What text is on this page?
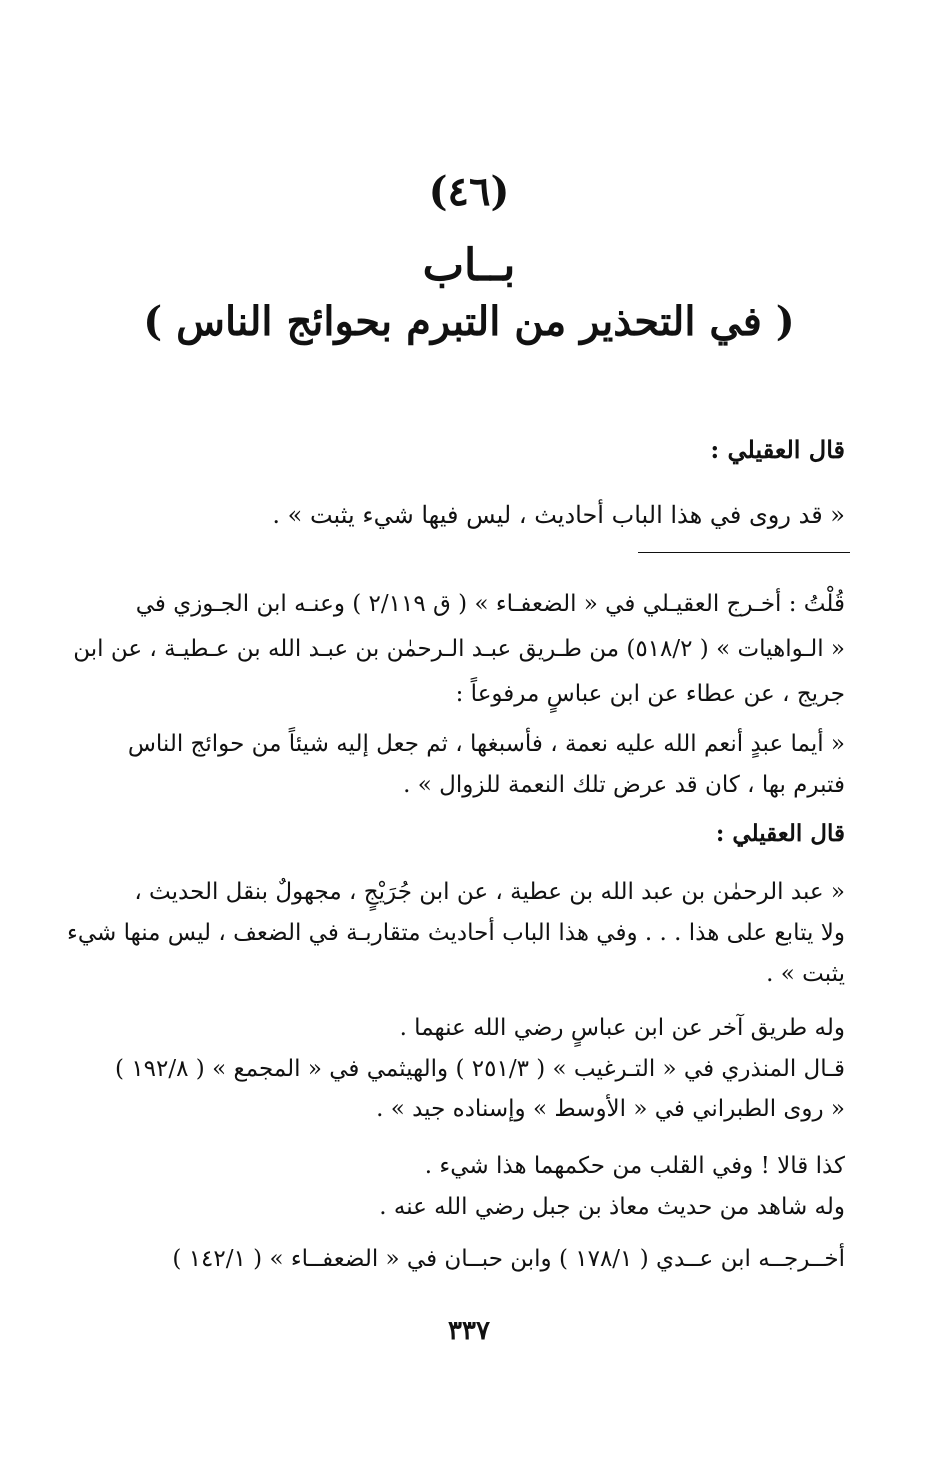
(٤٦)
بــاب
( في التحذير من التبرم بحوائج الناس )
قال العقيلي :
« قد روى في هذا الباب أحاديث ، ليس فيها شيء يثبت » .
قُلْتُ : أخـرج العقيـلي في « الضعفـاء » ( ق ٢/١١٩ ) وعنـه ابن الجـوزي في
« الـواهيات » ( ٥١٨/٢) من طـريق عبـد الـرحمٰن بن عبـد الله بن عـطيـة ، عن ابن
جريج ، عن عطاء عن ابن عباسٍ مرفوعاً :
« أيما عبدٍ أنعم الله عليه نعمة ، فأسبغها ، ثم جعل إليه شيئاً من حوائج الناس
فتبرم بها ، كان قد عرض تلك النعمة للزوال » .
قال العقيلي :
« عبد الرحمٰن بن عبد الله بن عطية ، عن ابن جُرَيْجٍ ، مجهولٌ بنقل الحديث ،
ولا يتابع على هذا . . . وفي هذا الباب أحاديث متقاربـة في الضعف ، ليس منها شيء
يثبت » .
وله طريق آخر عن ابن عباسٍ رضي الله عنهما .
قـال المنذري في « التـرغيب » ( ٢٥١/٣ ) والهيثمي في « المجمع » ( ١٩٢/٨ )
« روى الطبراني في « الأوسط » وإسناده جيد » .
كذا قالا ! وفي القلب من حكمهما هذا شيء .
وله شاهد من حديث معاذ بن جبل رضي الله عنه .
أخــرجــه ابن عــدي ( ١٧٨/١ ) وابن حبــان في « الضعفــاء » ( ١٤٢/١ )
٣٣٧
